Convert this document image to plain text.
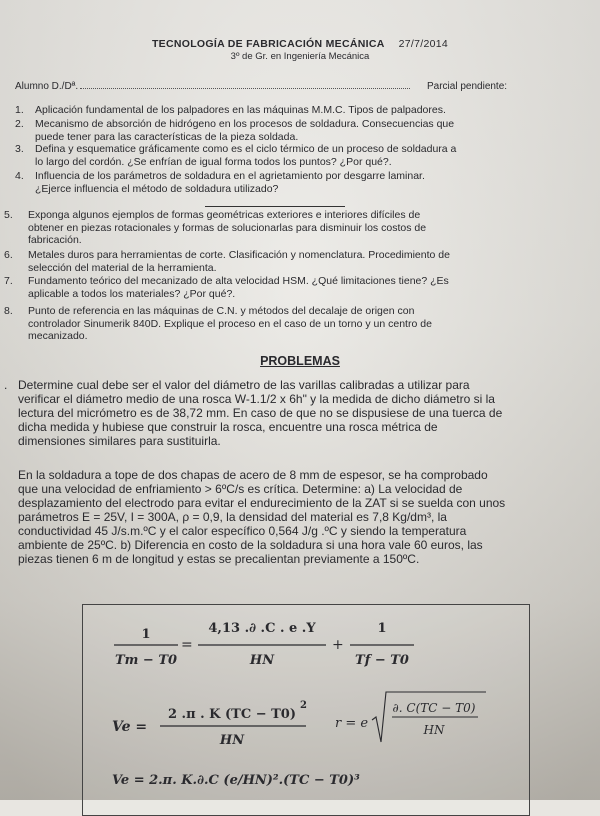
TECNOLOGÍA DE FABRICACIÓN MECÁNICA 27/7/2014
3º de Gr. en Ingeniería Mecánica
Alumno D./Dª.	Parcial pendiente:
1. Aplicación fundamental de los palpadores en las máquinas M.M.C. Tipos de palpadores.
2. Mecanismo de absorción de hidrógeno en los procesos de soldadura. Consecuencias que
puede tener para las características de la pieza soldada.
3. Defina y esquematice gráficamente como es el ciclo térmico de un proceso de soldadura a
lo largo del cordón. ¿Se enfrían de igual forma todos los puntos? ¿Por qué?.
4. Influencia de los parámetros de soldadura en el agrietamiento por desgarre laminar.
¿Ejerce influencia el método de soldadura utilizado?
5. Exponga algunos ejemplos de formas geométricas exteriores e interiores difíciles de
obtener en piezas rotacionales y formas de solucionarlas para disminuir los costos de
fabricación.
6. Metales duros para herramientas de corte. Clasificación y nomenclatura. Procedimiento de
selección del material de la herramienta.
7. Fundamento teórico del mecanizado de alta velocidad HSM. ¿Qué limitaciones tiene? ¿Es
aplicable a todos los materiales? ¿Por qué?.
8. Punto de referencia en las máquinas de C.N. y métodos del decalaje de origen con
controlador Sinumerik 840D. Explique el proceso en el caso de un torno y un centro de
mecanizado.
PROBLEMAS
. Determine cual debe ser el valor del diámetro de las varillas calibradas a utilizar para
verificar el diámetro medio de una rosca W-1.1/2 x 6h" y la medida de dicho diámetro si la
lectura del micrómetro es de 38,72 mm. En caso de que no se dispusiese de una tuerca de
dicha medida y hubiese que construir la rosca, encuentre una rosca métrica de
dimensiones similares para sustituirla.
En la soldadura a tope de dos chapas de acero de 8 mm de espesor, se ha comprobado
que una velocidad de enfriamiento > 6ºC/s es crítica. Determine: a) La velocidad de
desplazamiento del electrodo para evitar el endurecimiento de la ZAT si se suelda con unos
parámetros E = 25V, I = 300A, ρ = 0,9, la densidad del material es 7,8 Kg/dm³, la
conductividad 45 J/s.m.ºC y el calor específico 0,564 J/g .ºC y siendo la temperatura
ambiente de 25ºC. b) Diferencia en costo de la soldadura si una hora vale 60 euros, las
piezas tienen 6 m de longitud y estas se precalientan previamente a 150ºC.
1
Tm − T0
=
4,13 .∂ .C . e .Y
HN
+
1
Tf − T0
Ve =
2 .π . K (TC − T0)
2
HN
r = e
∂. C(TC − T0)
HN
Ve = 2.π. K.∂.C (e/HN)².(TC − T0)³
